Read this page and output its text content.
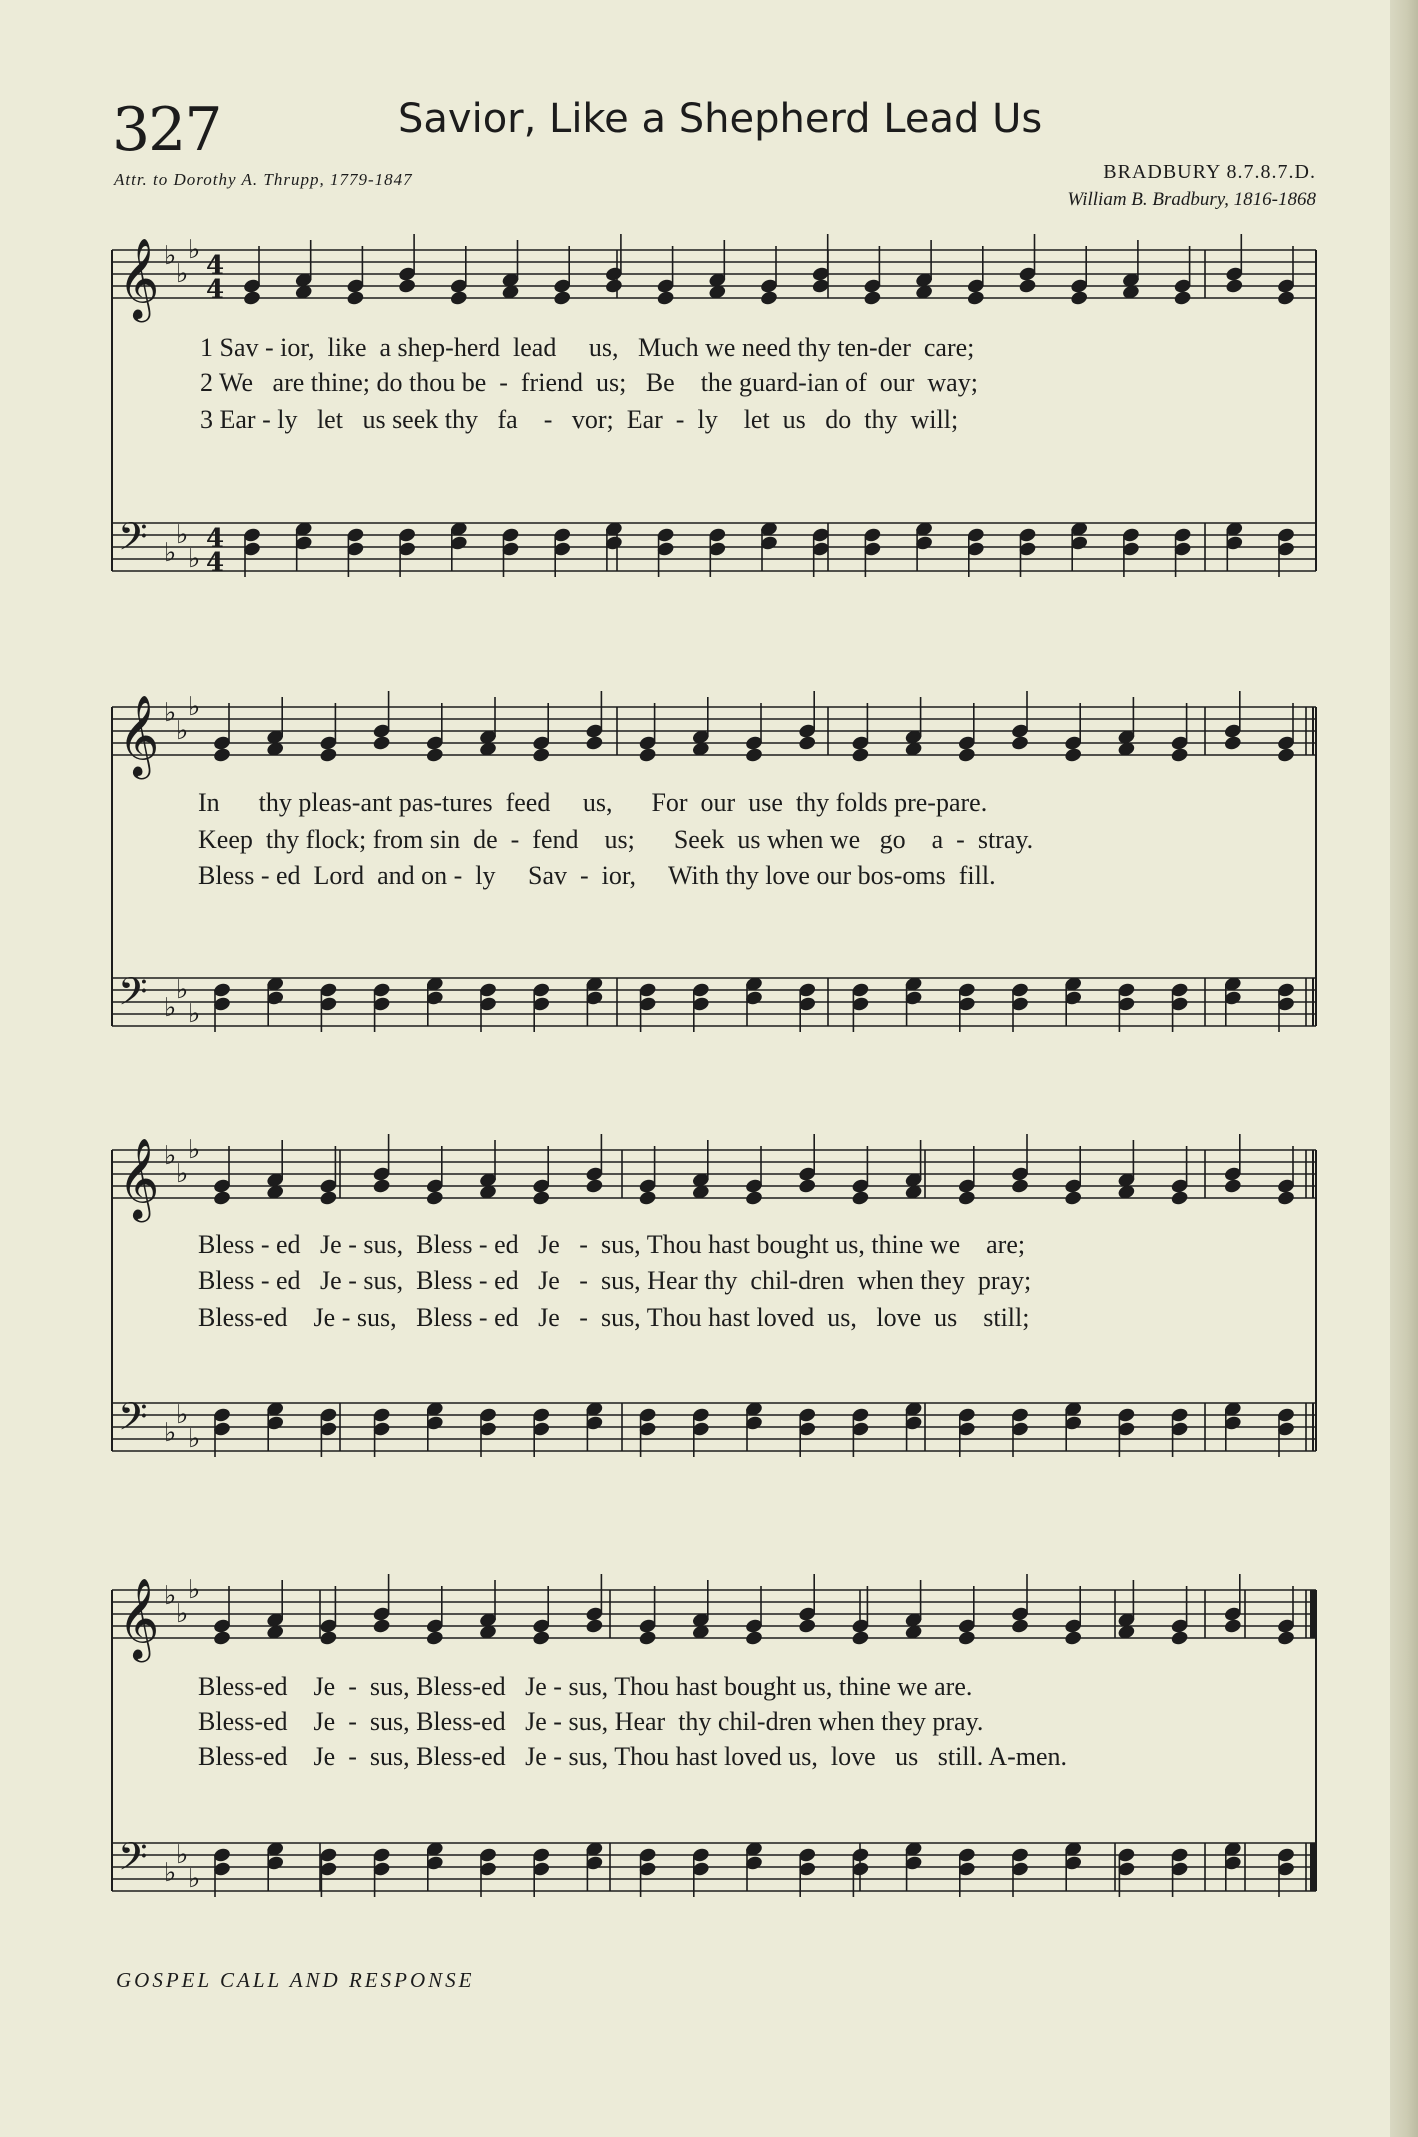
327	Savior, Like a Shepherd Lead Us
Attr. to Dorothy A. Thrupp, 1779-1847	BRADBURY 8.7.8.7.D.
William B. Bradbury, 1816-1868
𝄞 ♭
♭
♭
4
4
𝄢 ♭
♭
♭
4
4
1 Sav - ior,  like  a shep-herd  lead     us,   Much we need thy ten-der  care;
2 We   are thine; do thou be  -  friend  us;   Be    the guard-ian of  our  way;
3 Ear - ly   let   us seek thy   fa    -   vor;  Ear  -  ly    let  us   do  thy  will;
𝄞 ♭
♭
♭
𝄢 ♭
♭
♭
In      thy pleas-ant pas-tures  feed     us,      For  our  use  thy folds pre-pare.
Keep  thy flock; from sin  de  -  fend    us;      Seek  us when we   go    a  -  stray.
Bless - ed  Lord  and on -  ly     Sav  -  ior,     With thy love our bos-oms  fill.
𝄞 ♭
♭
♭
𝄢 ♭
♭
♭
Bless - ed   Je - sus,  Bless - ed   Je   -  sus, Thou hast bought us, thine we    are;
Bless - ed   Je - sus,  Bless - ed   Je   -  sus, Hear thy  chil-dren  when they  pray;
Bless-ed    Je - sus,   Bless - ed   Je   -  sus, Thou hast loved  us,   love  us    still;
𝄞 ♭
♭
♭
𝄢 ♭
♭
♭
Bless-ed    Je  -  sus, Bless-ed   Je - sus, Thou hast bought us, thine we are.
Bless-ed    Je  -  sus, Bless-ed   Je - sus, Hear  thy chil-dren when they pray.
Bless-ed    Je  -  sus, Bless-ed   Je - sus, Thou hast loved us,  love   us   still. A-men.
GOSPEL CALL AND RESPONSE
